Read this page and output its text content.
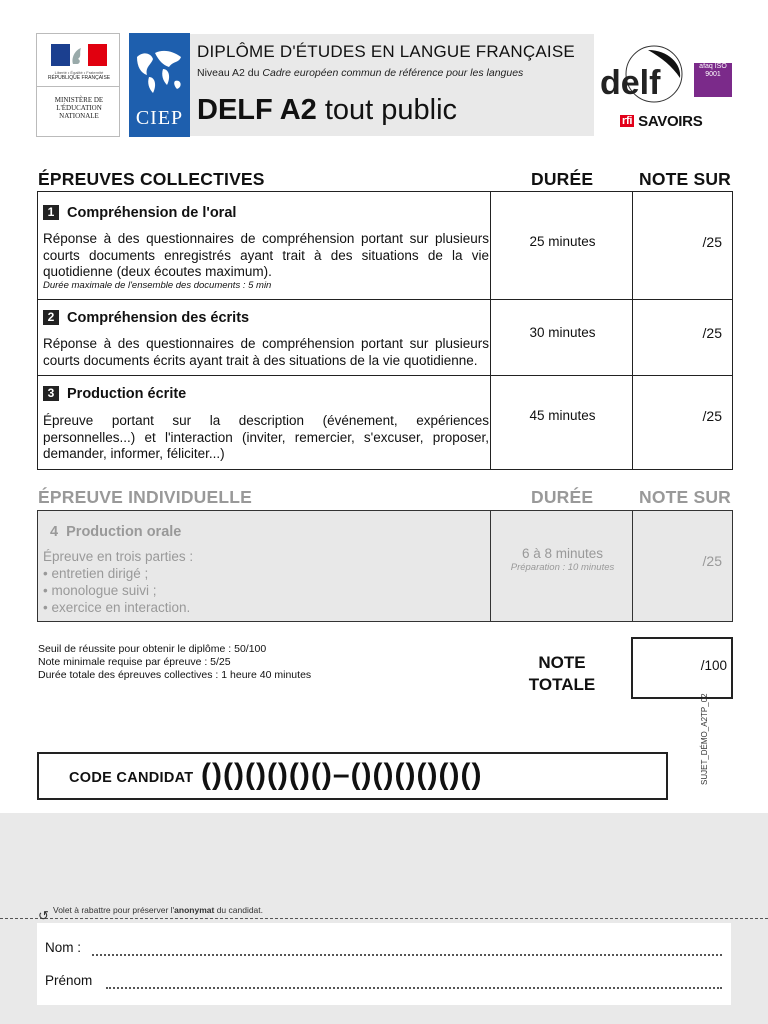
Liberté • Égalité • Fraternité
RÉPUBLIQUE FRANÇAISE
MINISTÈRE DE L'ÉDUCATION NATIONALE	CIEP
DIPLÔME D'ÉTUDES EN LANGUE FRANÇAISE
Niveau A2 du Cadre européen commun de référence pour les langues
DELF A2 tout public
delf	afaq ISO 9001
rfi SAVOIRS
ÉPREUVES COLLECTIVES	DURÉE	NOTE SUR
1 Compréhension de l'oral
Réponse à des questionnaires de compréhension portant sur plusieurs courts documents enregistrés ayant trait à des situations de la vie quotidienne (deux écoutes maximum).
Durée maximale de l'ensemble des documents : 5 min
25 minutes	/25
2 Compréhension des écrits
Réponse à des questionnaires de compréhension portant sur plusieurs courts documents écrits ayant trait à des situations de la vie quotidienne.
30 minutes	/25
3 Production écrite
Épreuve portant sur la description (événement, expériences personnelles...) et l'interaction (inviter, remercier, s'excuser, proposer, demander, informer, féliciter...)
45 minutes	/25
ÉPREUVE INDIVIDUELLE	DURÉE	NOTE SUR
4 Production orale
Épreuve en trois parties :
• entretien dirigé ;
• monologue suivi ;
• exercice en interaction.
6 à 8 minutes
Préparation : 10 minutes	/25
Seuil de réussite pour obtenir le diplôme : 50/100
Note minimale requise par épreuve : 5/25
Durée totale des épreuves collectives : 1 heure 40 minutes
NOTE
TOTALE
/100
SUJET_DÉMO_A2TP_02
CODE CANDIDAT ()()()()()()–()()()()()()
↺ Volet à rabattre pour préserver l'anonymat du candidat.
Nom :
Prénom
